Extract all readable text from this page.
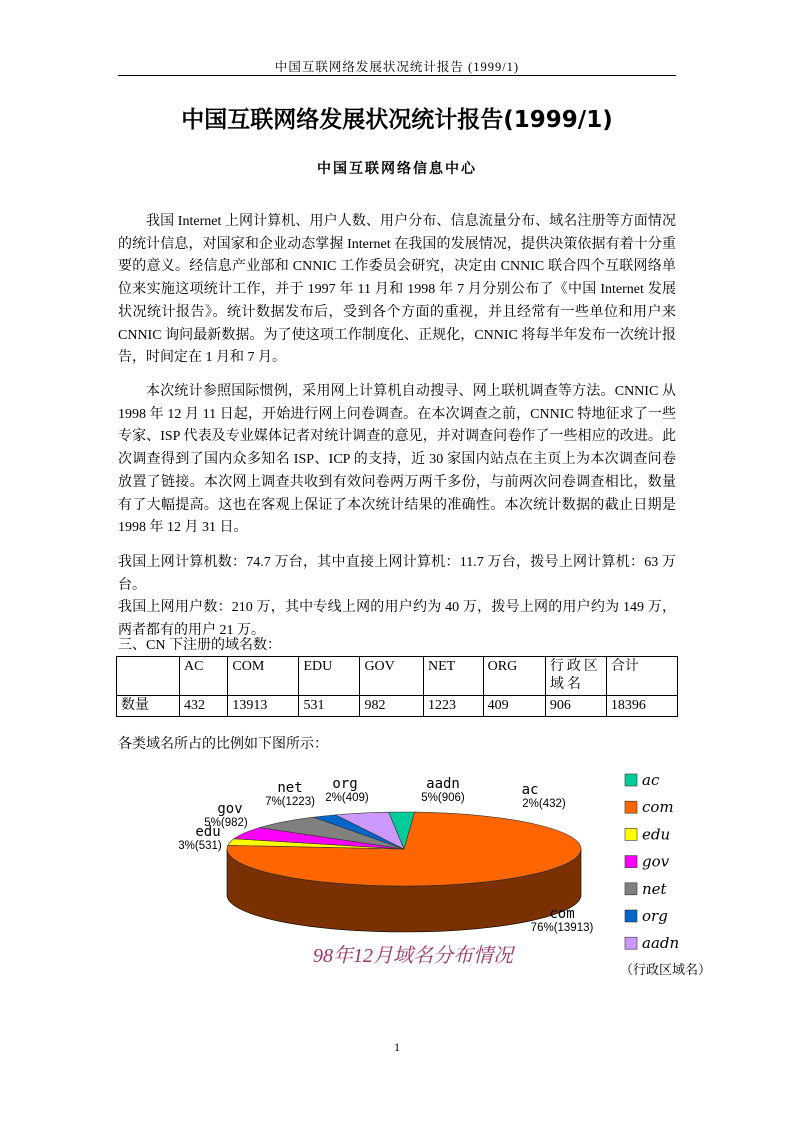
中国互联网络发展状况统计报告 (1999/1)
中国互联网络发展状况统计报告(1999/1)
中国互联网络信息中心
我国 Internet 上网计算机、用户人数、用户分布、信息流量分布、域名注册等方面情况的统计信息，对国家和企业动态掌握 Internet 在我国的发展情况，提供决策依据有着十分重要的意义。经信息产业部和 CNNIC 工作委员会研究，决定由 CNNIC 联合四个互联网络单位来实施这项统计工作，并于 1997 年 11 月和 1998 年 7 月分别公布了《中国 Internet 发展状况统计报告》。统计数据发布后，受到各个方面的重视，并且经常有一些单位和用户来 CNNIC 询问最新数据。为了使这项工作制度化、正规化，CNNIC 将每半年发布一次统计报告，时间定在 1 月和 7 月。
本次统计参照国际惯例，采用网上计算机自动搜寻、网上联机调查等方法。CNNIC 从 1998 年 12 月 11 日起，开始进行网上问卷调查。在本次调查之前，CNNIC 特地征求了一些专家、ISP 代表及专业媒体记者对统计调查的意见，并对调查问卷作了一些相应的改进。此次调查得到了国内众多知名 ISP、ICP 的支持，近 30 家国内站点在主页上为本次调查问卷放置了链接。本次网上调查共收到有效问卷两万两千多份，与前两次问卷调查相比，数量有了大幅提高。这也在客观上保证了本次统计结果的准确性。本次统计数据的截止日期是 1998 年 12 月 31 日。
我国上网计算机数：74.7 万台，其中直接上网计算机：11.7 万台，拨号上网计算机：63 万台。
我国上网用户数：210 万，其中专线上网的用户约为 40 万，拨号上网的用户约为 149 万，两者都有的用户 21 万。
三、CN 下注册的域名数：
	AC	COM	EDU	GOV	NET	ORG	行政区域名	合计
数量	432	13913	531	982	1223	409	906	18396
各类域名所占的比例如下图所示：
ac
2%(432)
com
76%(13913)
edu
3%(531)
gov
5%(982)
net
7%(1223)
org
2%(409)
aadn
5%(906)
98年12月域名分布情况
ac
com
edu
gov
net
org
aadn
（行政区域名）
1
